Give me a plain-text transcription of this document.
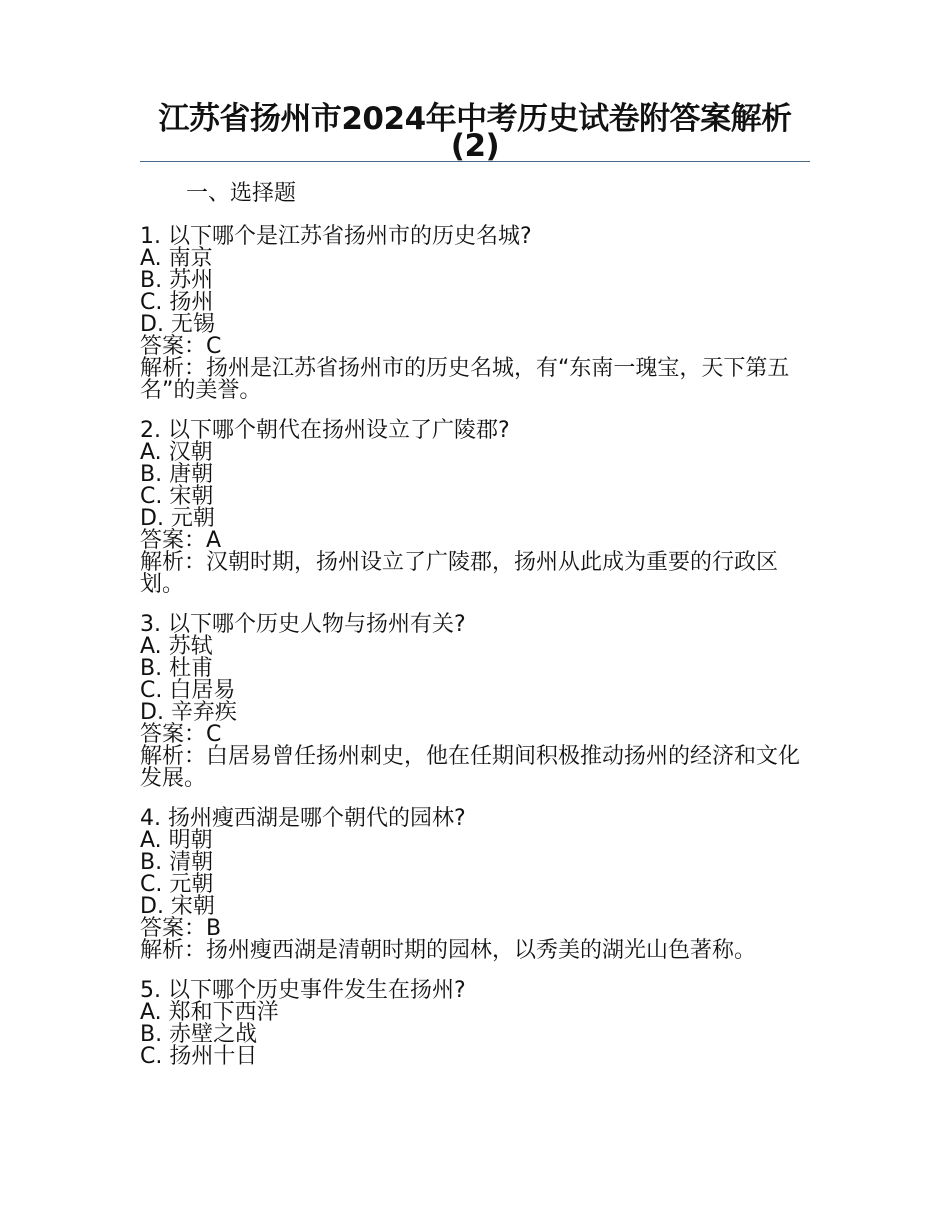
江苏省扬州市2024年中考历史试卷附答案解析(2)
一、选择题
1. 以下哪个是江苏省扬州市的历史名城?
A. 南京
B. 苏州
C. 扬州
D. 无锡
答案：C
解析：扬州是江苏省扬州市的历史名城，有“东南一瑰宝，天下第五名”的美誉。
2. 以下哪个朝代在扬州设立了广陵郡?
A. 汉朝
B. 唐朝
C. 宋朝
D. 元朝
答案：A
解析：汉朝时期，扬州设立了广陵郡，扬州从此成为重要的行政区划。
3. 以下哪个历史人物与扬州有关?
A. 苏轼
B. 杜甫
C. 白居易
D. 辛弃疾
答案：C
解析：白居易曾任扬州刺史，他在任期间积极推动扬州的经济和文化发展。
4. 扬州瘦西湖是哪个朝代的园林?
A. 明朝
B. 清朝
C. 元朝
D. 宋朝
答案：B
解析：扬州瘦西湖是清朝时期的园林，以秀美的湖光山色著称。
5. 以下哪个历史事件发生在扬州?
A. 郑和下西洋
B. 赤壁之战
C. 扬州十日
